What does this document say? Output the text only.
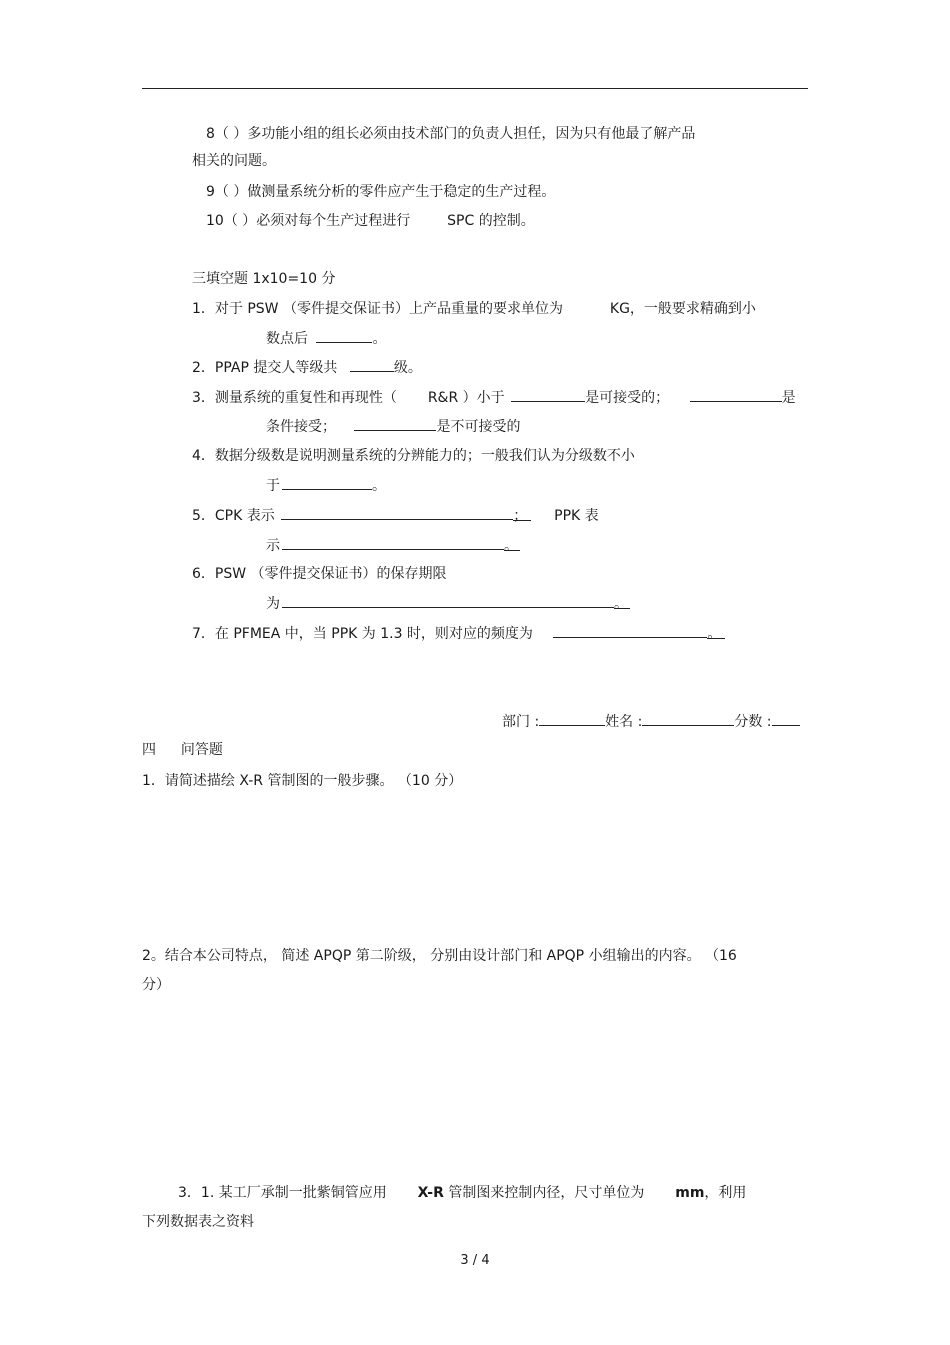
8（ ）多功能小组的组长必须由技术部门的负责人担任，因为只有他最了解产品
相关的问题。
9（ ）做测量系统分析的零件应产生于稳定的生产过程。
10（ ）必须对每个生产过程进行	SPC 的控制。
三填空题 1x10=10 分
1．对于 PSW （零件提交保证书）上产品重量的要求单位为	KG，一般要求精确到小
数点后	。
2．PPAP 提交人等级共	级。
3．测量系统的重复性和再现性（ R&R ）小于	是可接受的；	是
条件接受；	是不可接受的
4．数据分级数是说明测量系统的分辨能力的；一般我们认为分级数不小
于	。
5．CPK 表示	； PPK 表
示	。
6．PSW （零件提交保证书）的保存期限
为	。
7．在 PFMEA 中，当 PPK 为 1.3 时，则对应的频度为	。
部门 :	姓名 :	分数 :
四 问答题
1．请简述描绘 X-R 管制图的一般步骤。 （10 分）
2。结合本公司特点， 简述 APQP 第二阶级， 分别由设计部门和 APQP 小组输出的内容。 （16
分）
3．1. 某工厂承制一批紫铜管应用 X-R 管制图来控制内径，尺寸单位为 mm，利用
下列数据表之资料
3 / 4
